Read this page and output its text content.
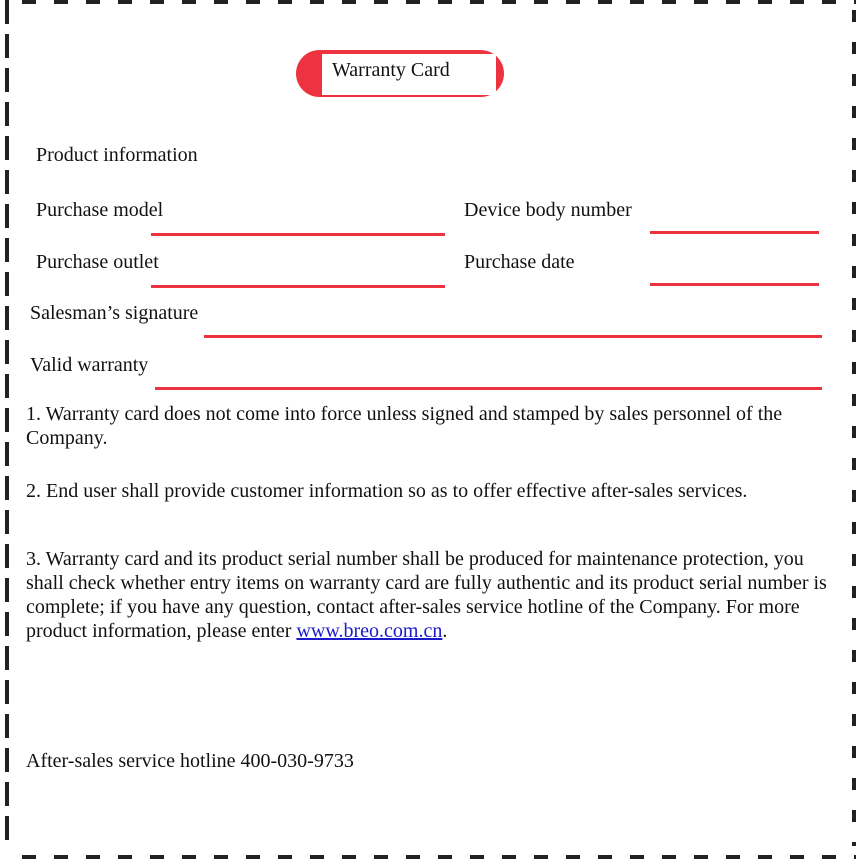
Warranty Card
Product information
Purchase model	Device body number
Purchase outlet	Purchase date
Salesman’s signature
Valid warranty

1. Warranty card does not come into force unless signed and stamped by sales personnel of the Company.

2. End user shall provide customer information so as to offer effective after-sales services.

3. Warranty card and its product serial number shall be produced for maintenance protection, you shall check whether entry items on warranty card are fully authentic and its product serial number is complete; if you have any question, contact after-sales service hotline of the Company. For more product information, please enter www.breo.com.cn.

After-sales service hotline 400-030-9733
